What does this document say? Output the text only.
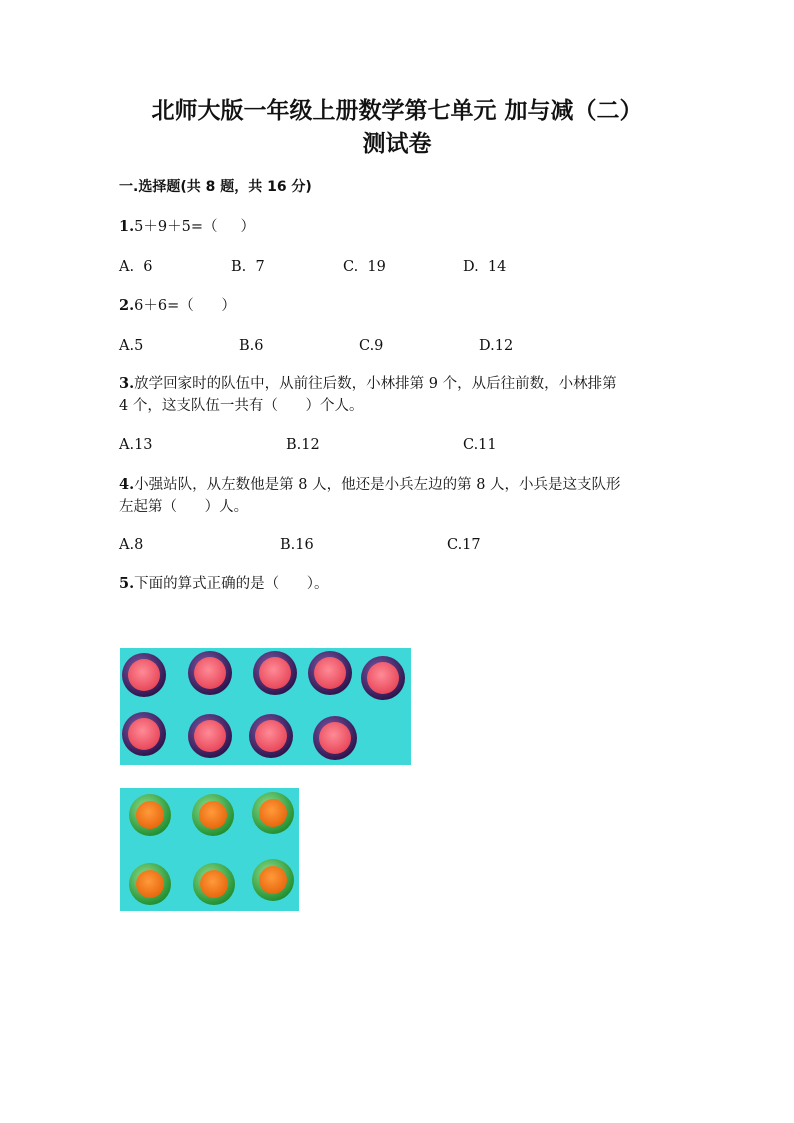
北师大版一年级上册数学第七单元 加与减（二）
测试卷
一.选择题(共 8 题，共 16 分)
1.5＋9＋5=（     ）
A.  6	B.  7	C.  19	D.  14
2.6＋6=（      ）
A.5	B.6	C.9	D.12
3.放学回家时的队伍中，从前往后数，小林排第 9 个，从后往前数，小林排第
4 个，这支队伍一共有（      ）个人。
A.13	B.12	C.11
4.小强站队，从左数他是第 8 人，他还是小兵左边的第 8 人，小兵是这支队形
左起第（      ）人。
A.8	B.16	C.17
5.下面的算式正确的是（      ）。
